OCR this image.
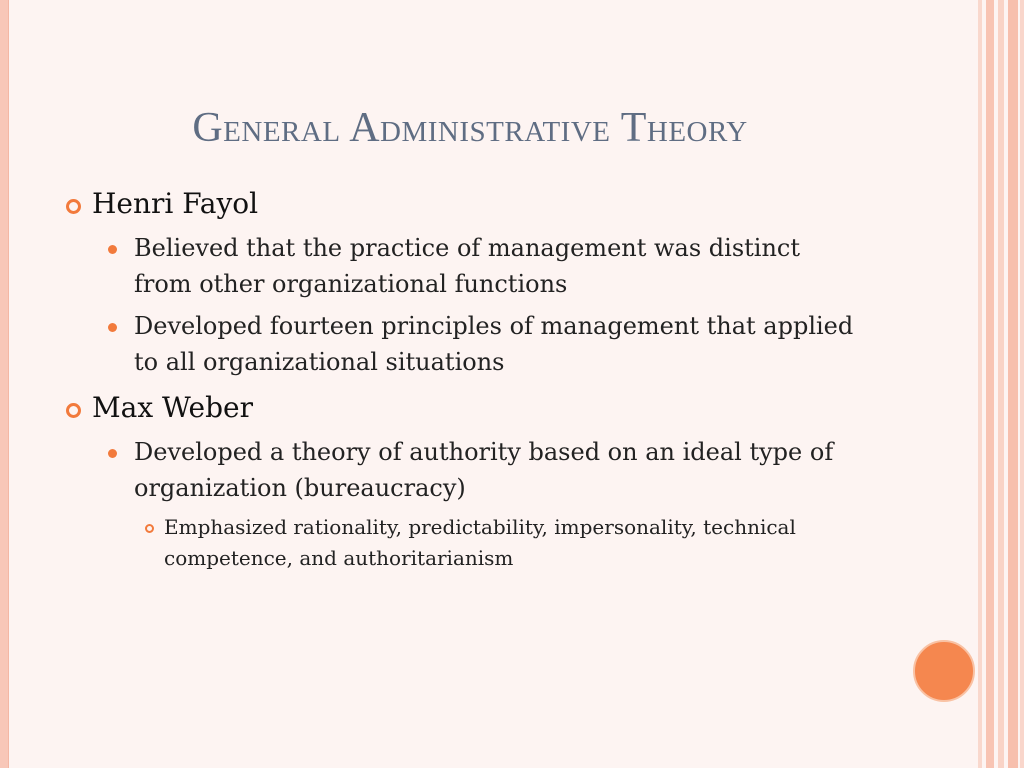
General Administrative Theory
Henri Fayol
Believed that the practice of management was distinct from other organizational functions
Developed fourteen principles of management that applied to all organizational situations
Max Weber
Developed a theory of authority based on an ideal type of organization (bureaucracy)
Emphasized rationality, predictability, impersonality, technical competence, and authoritarianism
